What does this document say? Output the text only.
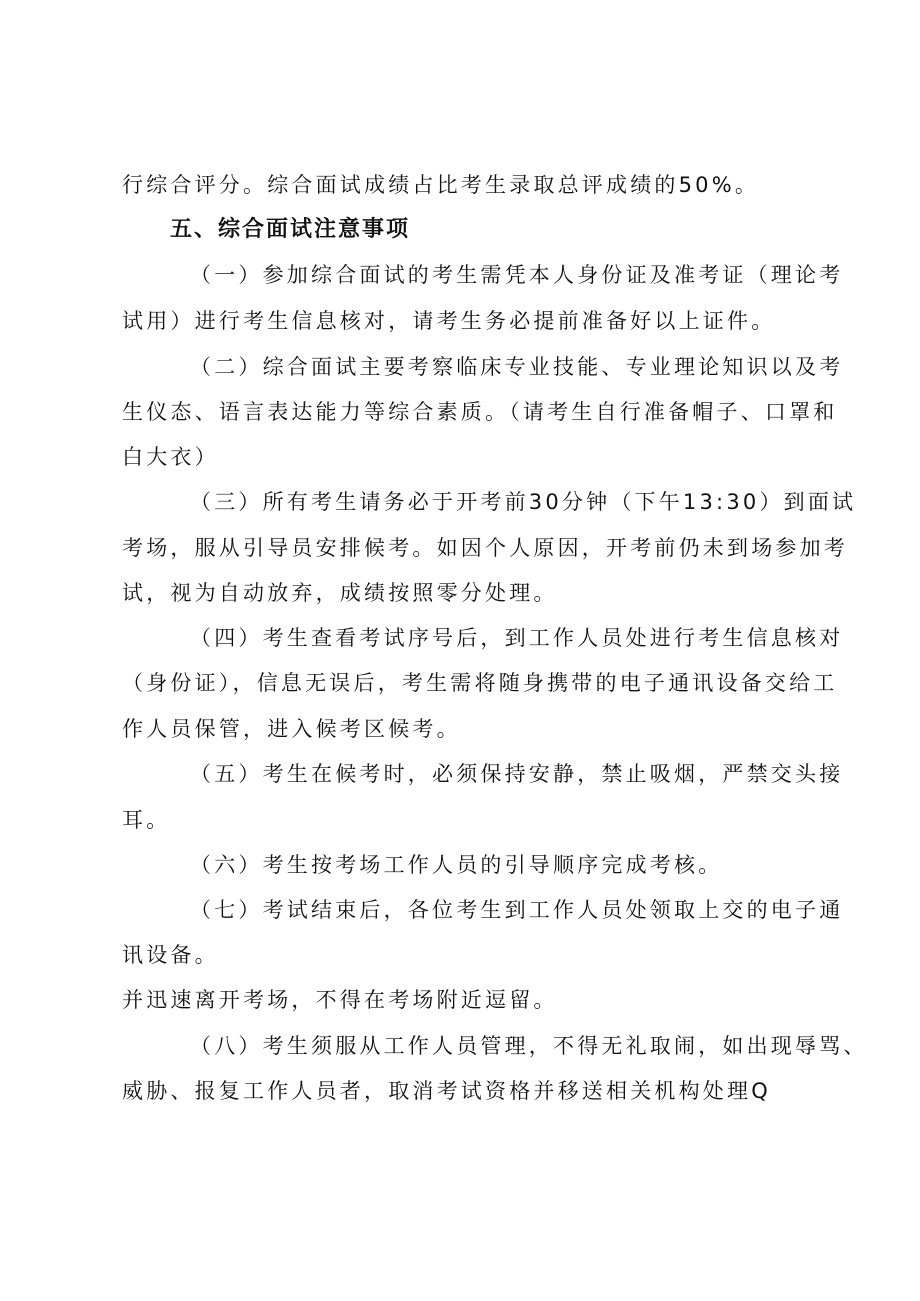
行综合评分。综合面试成绩占比考生录取总评成绩的50%。
五、综合面试注意事项
（一）参加综合面试的考生需凭本人身份证及准考证（理论考
试用）进行考生信息核对，请考生务必提前准备好以上证件。
（二）综合面试主要考察临床专业技能、专业理论知识以及考
生仪态、语言表达能力等综合素质。（请考生自行准备帽子、口罩和
白大衣）
（三）所有考生请务必于开考前30分钟（下午13:30）到面试
考场，服从引导员安排候考。如因个人原因，开考前仍未到场参加考
试，视为自动放弃，成绩按照零分处理。
（四）考生查看考试序号后，到工作人员处进行考生信息核对
（身份证），信息无误后，考生需将随身携带的电子通讯设备交给工
作人员保管，进入候考区候考。
（五）考生在候考时，必须保持安静，禁止吸烟，严禁交头接
耳。
（六）考生按考场工作人员的引导顺序完成考核。
（七）考试结束后，各位考生到工作人员处领取上交的电子通
讯设备。
并迅速离开考场，不得在考场附近逗留。
（八）考生须服从工作人员管理，不得无礼取闹，如出现辱骂、
威胁、报复工作人员者，取消考试资格并移送相关机构处理Q
